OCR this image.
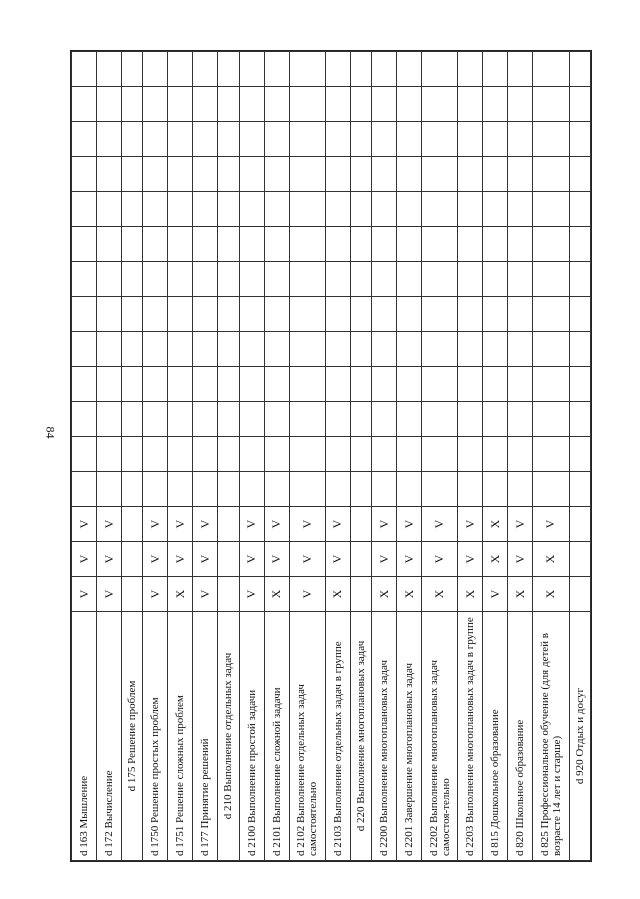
84
d 163 Мышление	V	V	V													
d 172 Вычисление	V	V	V													
d 175 Решение проблем																
d 1750 Решение простых проблем	V	V	V													
d 1751 Решение сложных проблем	X	V	V													
d 177 Принятие решений	V	V	V													
d 210 Выполнение отдельных задач																
d 2100 Выполнение простой задачи	V	V	V													
d 2101 Выполнение сложной задачи	X	V	V													
d 2102 Выполнение отдельных задач самостоятельно	V	V	V													
d 2103 Выполнение отдельных задач в группе	X	V	V													
d 220 Выполнение многоплановых задач																
d 2200 Выполнение многоплановых задач	X	V	V													
d 2201 Завершение многоплановых задач	X	V	V													
d 2202 Выполнение многоплановых задач самостоя-тельно	X	V	V													
d 2203 Выполнение многоплановых задач в группе	X	V	V													
d 815 Дошкольное образование	V	X	X													
d 820 Школьное образование	X	V	V													
d 825 Профессиональное обучение (для детей в возрасте 14 лет и старше)	X	X	V													
d 920 Отдых и досуг																
